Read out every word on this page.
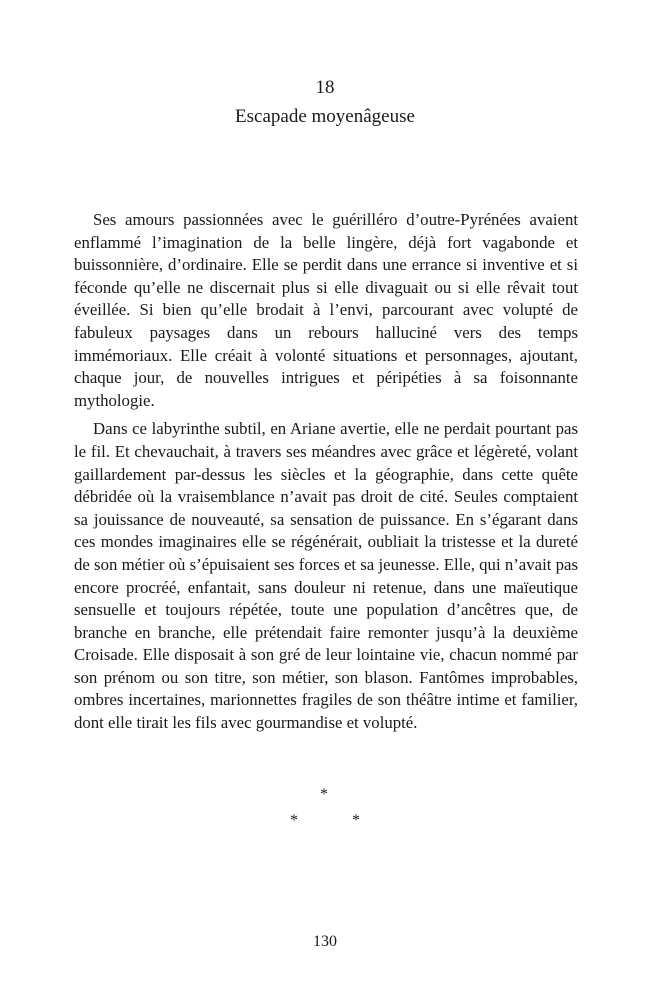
18
Escapade moyenâgeuse

Ses amours passionnées avec le guérilléro d’outre-Pyrénées avaient enflammé l’imagination de la belle lingère, déjà fort vagabonde et buissonnière, d’ordinaire. Elle se perdit dans une errance si inventive et si féconde qu’elle ne discernait plus si elle divaguait ou si elle rêvait tout éveillée. Si bien qu’elle brodait à l’envi, parcourant avec volupté de fabuleux paysages dans un rebours halluciné vers des temps immémoriaux. Elle créait à volonté situations et personnages, ajoutant, chaque jour, de nouvelles intrigues et péripéties à sa foisonnante mythologie.

Dans ce labyrinthe subtil, en Ariane avertie, elle ne perdait pourtant pas le fil. Et chevauchait, à travers ses méandres avec grâce et légèreté, volant gaillardement par-dessus les siècles et la géographie, dans cette quête débridée où la vraisemblance n’avait pas droit de cité. Seules comptaient sa jouissance de nouveauté, sa sensation de puissance. En s’égarant dans ces mondes imaginaires elle se régénérait, oubliait la tristesse et la dureté de son métier où s’épuisaient ses forces et sa jeunesse. Elle, qui n’avait pas encore procréé, enfantait, sans douleur ni retenue, dans une maïeutique sensuelle et toujours répétée, toute une population d’ancêtres que, de branche en branche, elle prétendait faire remonter jusqu’à la deuxième Croisade. Elle disposait à son gré de leur lointaine vie, chacun nommé par son prénom ou son titre, son métier, son blason. Fantômes improbables, ombres incertaines, marionnettes fragiles de son théâtre intime et familier, dont elle tirait les fils avec gourmandise et volupté.

*
*	*
130
